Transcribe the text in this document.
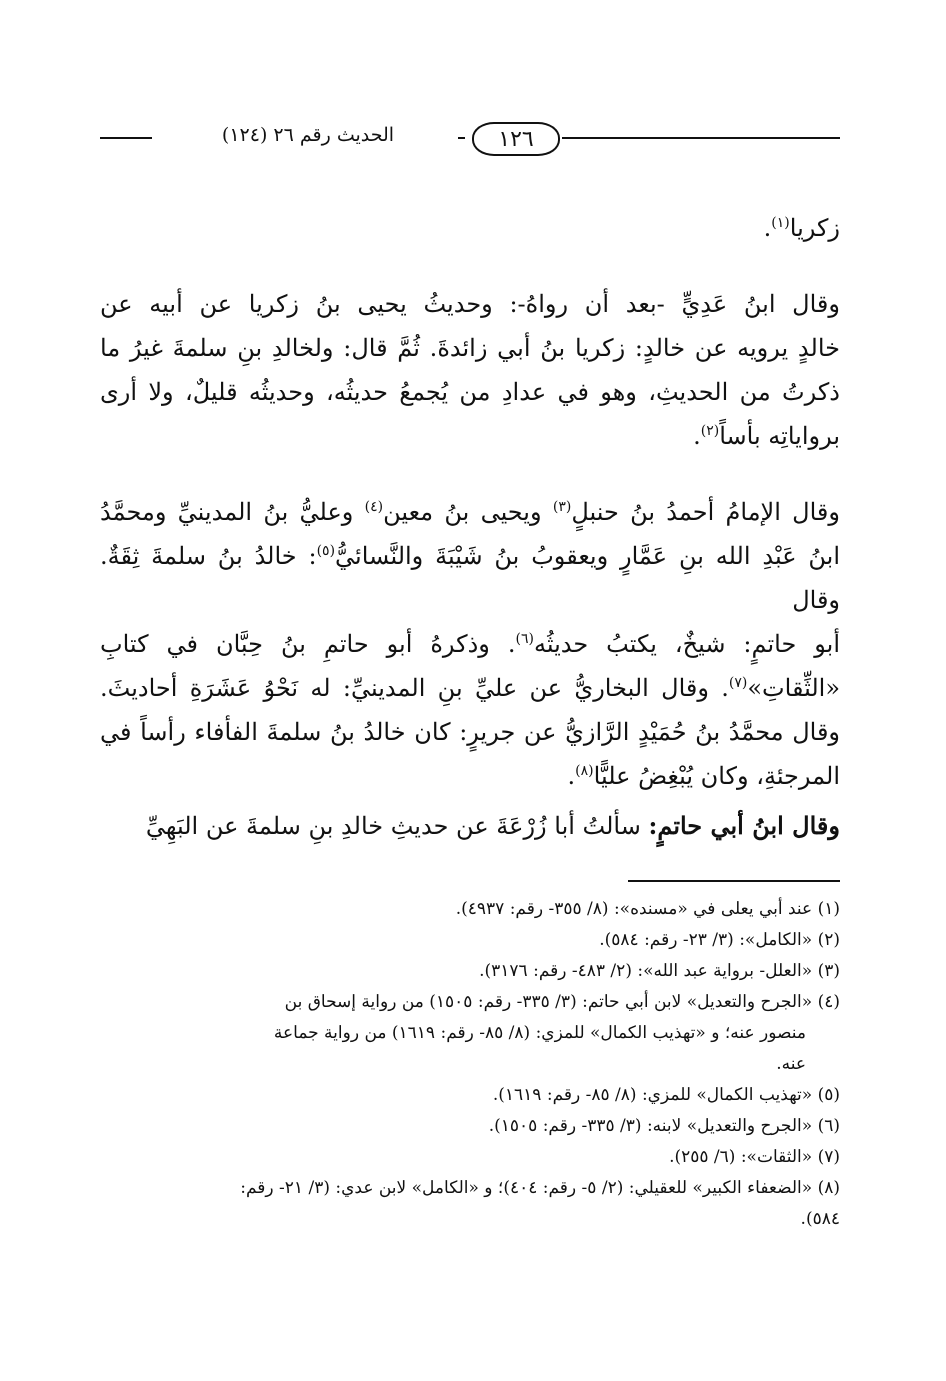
١٢٦
الحديث رقم ٢٦ (١٢٤)

زكريا$^{(١)}$.

وقال ابنُ عَدِيٍّ -بعد أن رواهُ-: وحديثُ يحيى بنُ زكريا عن أبيه عن
خالدٍ يرويه عن خالدٍ: زكريا بنُ أبي زائدةَ. ثُمَّ قال: ولخالدِ بنِ سلمةَ غيرُ ما
ذكرتُ من الحديثِ، وهو في عدادِ من يُجمعُ حديثُه، وحديثُه قليلٌ، ولا أرى
برواياتِه بأساً$^{(٢)}$.

وقال الإمامُ أحمدُ بنُ حنبلٍ$^{(٣)}$ ويحيى بنُ معين$^{(٤)}$ وعليُّ بنُ المدينيِّ ومحمَّدُ
ابنُ عَبْدِ الله بنِ عَمَّارٍ ويعقوبُ بنُ شَيْبَةَ والنَّسائيُّ$^{(٥)}$: خالدُ بنُ سلمةَ ثِقَةٌ. وقال
أبو حاتمٍ: شيخٌ، يكتبُ حديثُه$^{(٦)}$. وذكرهُ أبو حاتمِ بنُ حِبَّان في كتابِ
«الثِّقاتِ»$^{(٧)}$. وقال البخاريُّ عن عليِّ بنِ المدينيِّ: له نَحْوُ عَشَرَةِ أحاديثَ.
وقال محمَّدُ بنُ حُمَيْدٍ الرَّازيُّ عن جريرٍ: كان خالدُ بنُ سلمةَ الفأفاء رأساً في
المرجئةِ، وكان يُبْغِضُ عليًّا$^{(٨)}$.

وقال ابنُ أبي حاتمٍ: سألتُ أبا زُرْعَةَ عن حديثِ خالدِ بنِ سلمةَ عن البَهِيِّ

(١) عند أبي يعلى في «مسنده»: (٨/ ٣٥٥- رقم: ٤٩٣٧).

(٢) «الكامل»: (٣/ ٢٣- رقم: ٥٨٤).

(٣) «العلل- برواية عبد الله»: (٢/ ٤٨٣- رقم: ٣١٧٦).

(٤) «الجرح والتعديل» لابن أبي حاتم: (٣/ ٣٣٥- رقم: ١٥٠٥) من رواية إسحاق بن
منصور عنه؛ و «تهذيب الكمال» للمزي: (٨/ ٨٥- رقم: ١٦١٩) من رواية جماعة
عنه.

(٥) «تهذيب الكمال» للمزي: (٨/ ٨٥- رقم: ١٦١٩).

(٦) «الجرح والتعديل» لابنه: (٣/ ٣٣٥- رقم: ١٥٠٥).

(٧) «الثقات»: (٦/ ٢٥٥).

(٨) «الضعفاء الكبير» للعقيلي: (٢/ ٥- رقم: ٤٠٤)؛ و «الكامل» لابن عدي: (٣/ ٢١- رقم:
٥٨٤).
